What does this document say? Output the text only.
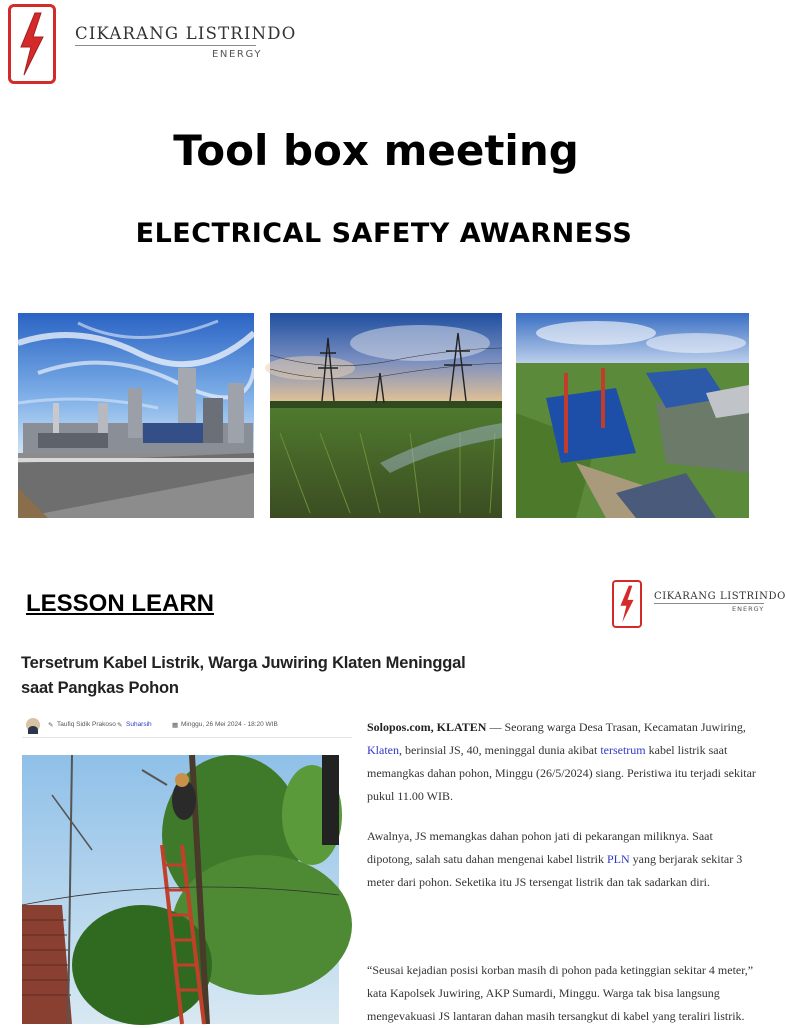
CIKARANG LISTRINDO
ENERGY
Tool box meeting
ELECTRICAL SAFETY AWARNESS
LESSON LEARN	CIKARANG LISTRINDO
ENERGY
Tersetrum Kabel Listrik, Warga Juwiring Klaten Meninggal saat Pangkas Pohon
✎ Taufiq Sidik Prakoso ✎ Suharsih	▦ Minggu, 26 Mei 2024 - 18:20 WIB	Solopos.com, KLATEN — Seorang warga Desa Trasan, Kecamatan Juwiring, Klaten, berinsial JS, 40, meninggal dunia akibat tersetrum kabel listrik saat memangkas dahan pohon, Minggu (26/5/2024) siang. Peristiwa itu terjadi sekitar pukul 11.00 WIB.
Awalnya, JS memangkas dahan pohon jati di pekarangan miliknya. Saat dipotong, salah satu dahan mengenai kabel listrik PLN yang berjarak sekitar 3 meter dari pohon. Seketika itu JS tersengat listrik dan tak sadarkan diri.
“Seusai kejadian posisi korban masih di pohon pada ketinggian sekitar 4 meter,” kata Kapolsek Juwiring, AKP Sumardi, Minggu. Warga tak bisa langsung mengevakuasi JS lantaran dahan masih tersangkut di kabel yang teraliri listrik.
